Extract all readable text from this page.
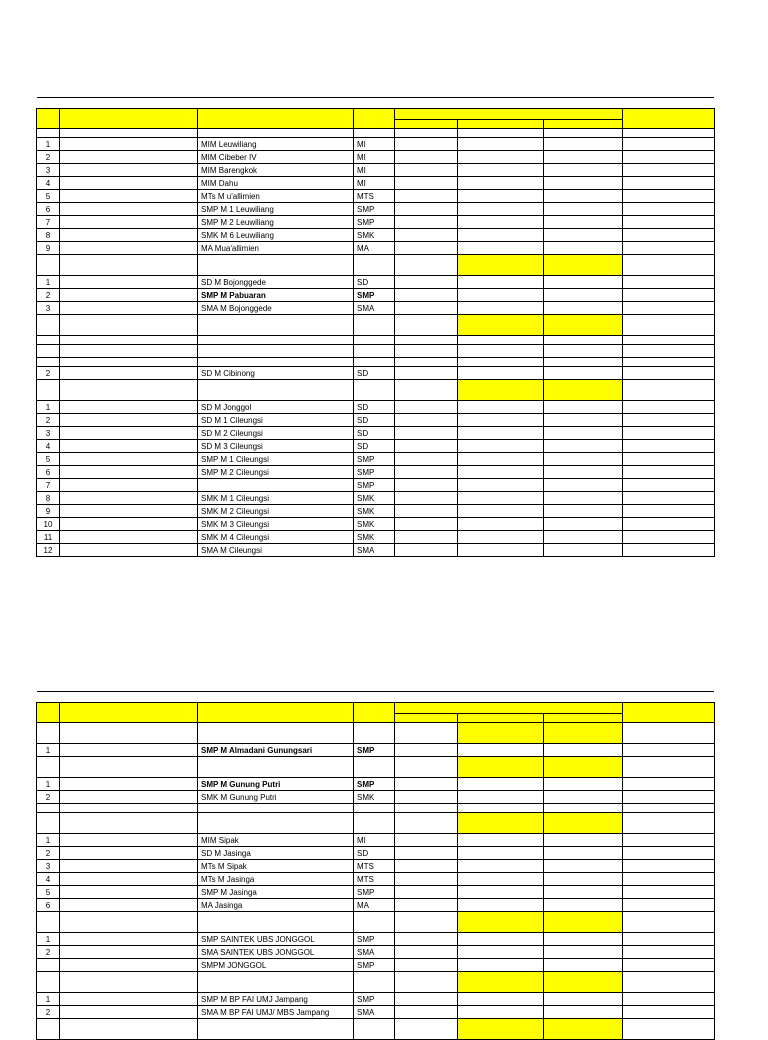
1		MIM Leuwiliang	MI				
2		MIM Cibeber IV	MI				
3		MIM Barengkok	MI				
4		MIM Dahu	MI				
5		MTs M u'allimien	MTS				
6		SMP M 1 Leuwiliang	SMP				
7		SMP M 2 Leuwiliang	SMP				
8		SMK M 6 Leuwiliang	SMK				
9		MA Mua'allimien	MA				

1		SD M Bojonggede	SD				
2		SMP M Pabuaran	SMP				
3		SMA M Bojonggede	SMA				

2		SD M Cibinong	SD				

1		SD M Jonggol	SD				
2		SD M 1 Cileungsi	SD				
3		SD M 2 Cileungsi	SD				
4		SD M 3 Cileungsi	SD				
5		SMP M 1 Cileungsi	SMP				
6		SMP M 2 Cileungsi	SMP				
7			SMP				
8		SMK M 1 Cileungsi	SMK				
9		SMK M 2 Cileungsi	SMK				
10		SMK M 3 Cileungsi	SMK				
11		SMK M 4 Cileungsi	SMK				
12		SMA M Cileungsi	SMA				

1		SMP M Almadani Gunungsari	SMP				

1		SMP M Gunung Putri	SMP				
2		SMK M Gunung Putri	SMK				

1		MIM Sipak	MI				
2		SD M Jasinga	SD				
3		MTs M Sipak	MTS				
4		MTs M Jasinga	MTS				
5		SMP M Jasinga	SMP				
6		MA Jasinga	MA				

1		SMP SAINTEK UBS JONGGOL	SMP				
2		SMA SAINTEK UBS JONGGOL	SMA				
		SMPM JONGGOL	SMP				

1		SMP M BP FAI UMJ Jampang	SMP				
2		SMA M BP FAI UMJ/ MBS Jampang	SMA				
